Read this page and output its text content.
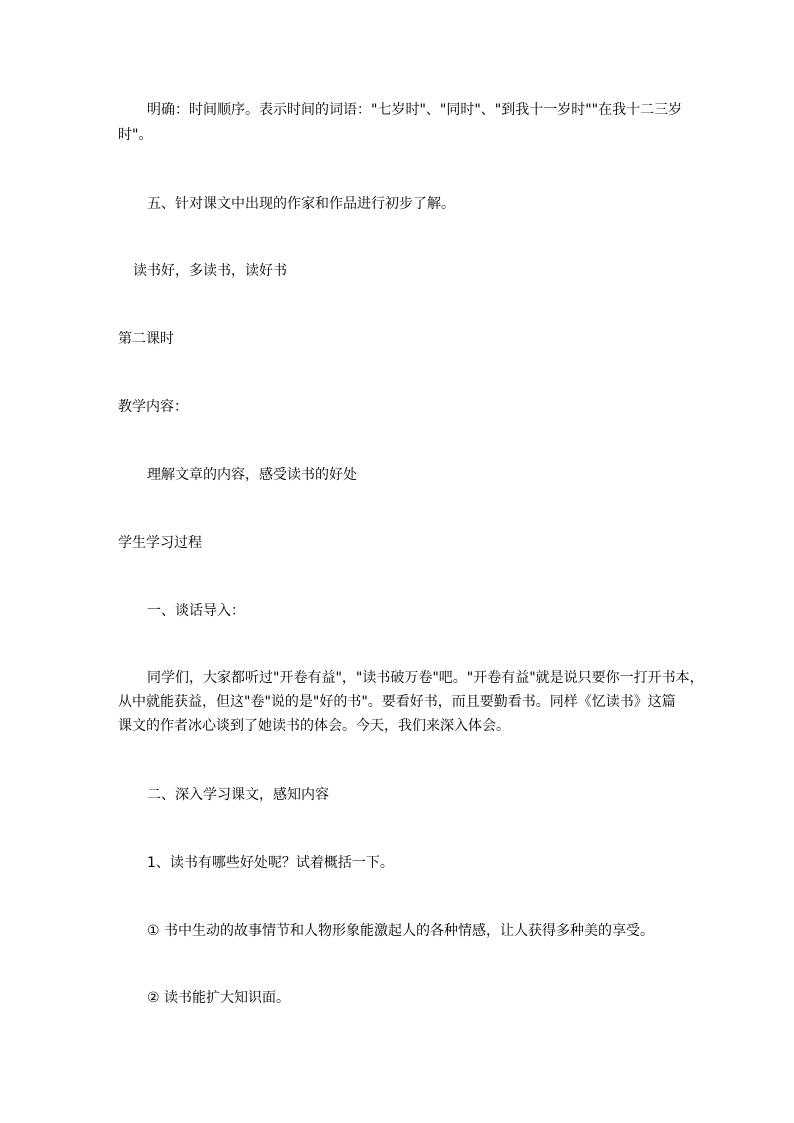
明确：时间顺序。表示时间的词语："七岁时"、"同时"、"到我十一岁时""在我十二三岁
时"。
五、针对课文中出现的作家和作品进行初步了解。
读书好，多读书，读好书
第二课时
教学内容：
理解文章的内容，感受读书的好处
学生学习过程
一、谈话导入：
同学们，大家都听过"开卷有益"，"读书破万卷"吧。"开卷有益"就是说只要你一打开书本，
从中就能获益，但这"卷"说的是"好的书"。要看好书，而且要勤看书。同样《忆读书》这篇
课文的作者冰心谈到了她读书的体会。今天，我们来深入体会。
二、深入学习课文，感知内容
1、读书有哪些好处呢？试着概括一下。
① 书中生动的故事情节和人物形象能激起人的各种情感，让人获得多种美的享受。
② 读书能扩大知识面。
